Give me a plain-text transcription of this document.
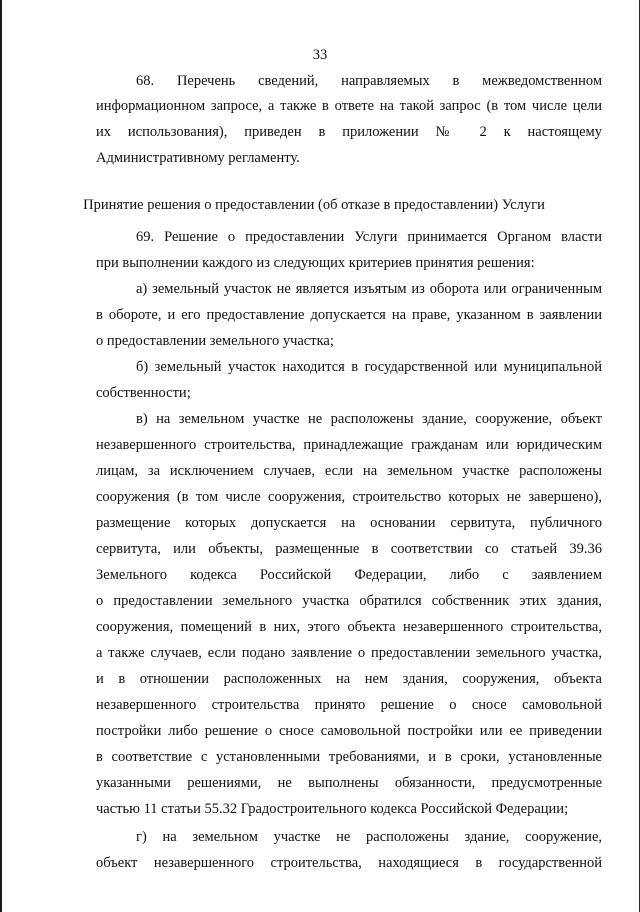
33
68. Перечень сведений, направляемых в межведомственном
информационном запросе, а также в ответе на такой запрос (в том числе цели
их использования), приведен в приложении № 2 к настоящему
Административному регламенту.
Принятие решения о предоставлении (об отказе в предоставлении) Услуги
69. Решение о предоставлении Услуги принимается Органом власти
при выполнении каждого из следующих критериев принятия решения:
а) земельный участок не является изъятым из оборота или ограниченным
в обороте, и его предоставление допускается на праве, указанном в заявлении
о предоставлении земельного участка;
б) земельный участок находится в государственной или муниципальной
собственности;
в) на земельном участке не расположены здание, сооружение, объект
незавершенного строительства, принадлежащие гражданам или юридическим
лицам, за исключением случаев, если на земельном участке расположены
сооружения (в том числе сооружения, строительство которых не завершено),
размещение которых допускается на основании сервитута, публичного
сервитута, или объекты, размещенные в соответствии со статьей 39.36
Земельного кодекса Российской Федерации, либо с заявлением
о предоставлении земельного участка обратился собственник этих здания,
сооружения, помещений в них, этого объекта незавершенного строительства,
а также случаев, если подано заявление о предоставлении земельного участка,
и в отношении расположенных на нем здания, сооружения, объекта
незавершенного строительства принято решение о сносе самовольной
постройки либо решение о сносе самовольной постройки или ее приведении
в соответствие с установленными требованиями, и в сроки, установленные
указанными решениями, не выполнены обязанности, предусмотренные
частью 11 статьи 55.32 Градостроительного кодекса Российской Федерации;
г) на земельном участке не расположены здание, сооружение,
объект незавершенного строительства, находящиеся в государственной
